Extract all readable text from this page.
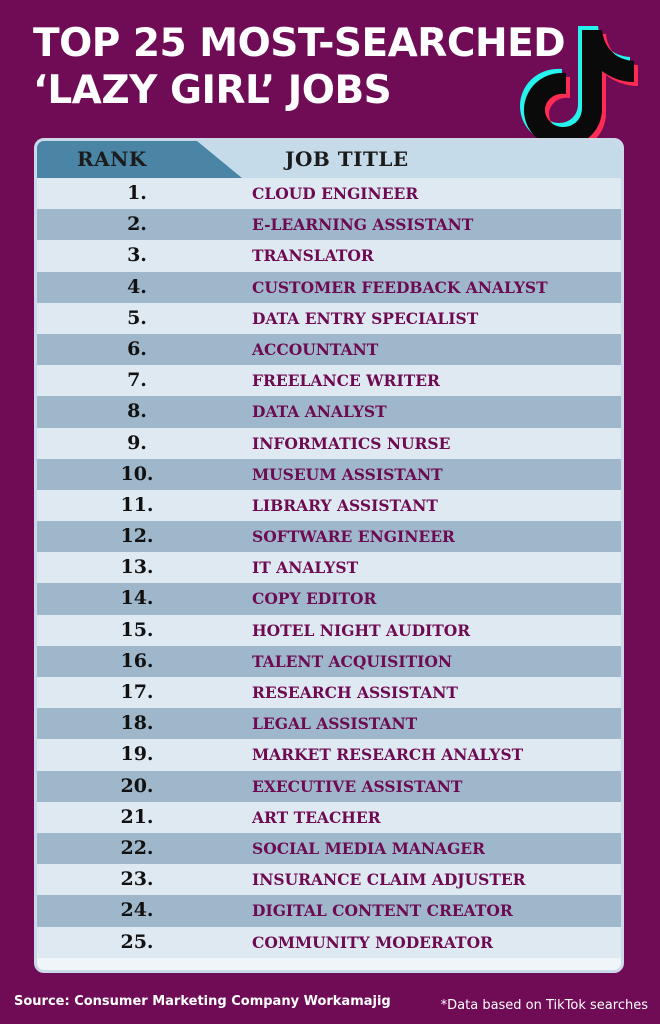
TOP 25 MOST-SEARCHED
‘LAZY GIRL’ JOBS
RANK	JOB TITLE
1.	CLOUD ENGINEER
2.	E-LEARNING ASSISTANT
3.	TRANSLATOR
4.	CUSTOMER FEEDBACK ANALYST
5.	DATA ENTRY SPECIALIST
6.	ACCOUNTANT
7.	FREELANCE WRITER
8.	DATA ANALYST
9.	INFORMATICS NURSE
10.	MUSEUM ASSISTANT
11.	LIBRARY ASSISTANT
12.	SOFTWARE ENGINEER
13.	IT ANALYST
14.	COPY EDITOR
15.	HOTEL NIGHT AUDITOR
16.	TALENT ACQUISITION
17.	RESEARCH ASSISTANT
18.	LEGAL ASSISTANT
19.	MARKET RESEARCH ANALYST
20.	EXECUTIVE ASSISTANT
21.	ART TEACHER
22.	SOCIAL MEDIA MANAGER
23.	INSURANCE CLAIM ADJUSTER
24.	DIGITAL CONTENT CREATOR
25.	COMMUNITY MODERATOR
Source: Consumer Marketing Company Workamajig	*Data based on TikTok searches
